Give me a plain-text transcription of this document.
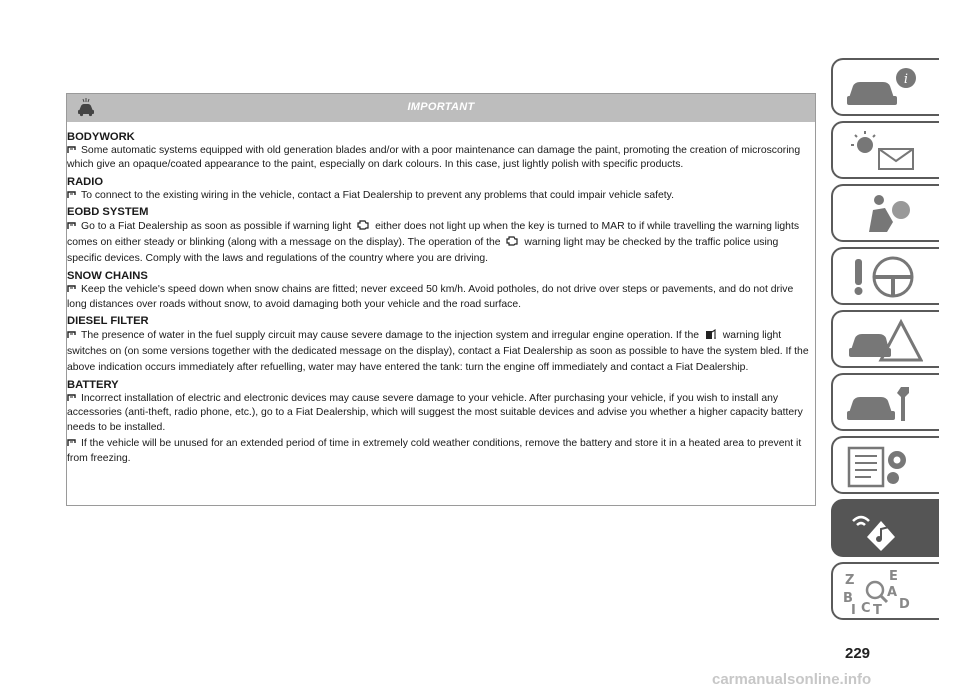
IMPORTANT
BODYWORK
Some automatic systems equipped with old generation blades and/or with a poor maintenance can damage the paint, promoting the creation of microscoring which give an opaque/coated appearance to the paint, especially on dark colours. In this case, just lightly polish with specific products.
RADIO
To connect to the existing wiring in the vehicle, contact a Fiat Dealership to prevent any problems that could impair vehicle safety.
EOBD SYSTEM
Go to a Fiat Dealership as soon as possible if warning light either does not light up when the key is turned to MAR to if while travelling the warning lights comes on either steady or blinking (along with a message on the display). The operation of the warning light may be checked by the traffic police using specific devices. Comply with the laws and regulations of the country where you are driving.
SNOW CHAINS
Keep the vehicle's speed down when snow chains are fitted; never exceed 50 km/h. Avoid potholes, do not drive over steps or pavements, and do not drive long distances over roads without snow, to avoid damaging both your vehicle and the road surface.
DIESEL FILTER
The presence of water in the fuel supply circuit may cause severe damage to the injection system and irregular engine operation. If the warning light switches on (on some versions together with the dedicated message on the display), contact a Fiat Dealership as soon as possible to have the system bled. If the above indication occurs immediately after refuelling, water may have entered the tank: turn the engine off immediately and contact a Fiat Dealership.
BATTERY
Incorrect installation of electric and electronic devices may cause severe damage to your vehicle. After purchasing your vehicle, if you wish to install any accessories (anti-theft, radio phone, etc.), go to a Fiat Dealership, which will suggest the most suitable devices and advise you whether a higher capacity battery needs to be installed.
If the vehicle will be unused for an extended period of time in extremely cold weather conditions, remove the battery and store it in a heated area to prevent it from freezing.
i
Z	E
A
B
C D
T
I
229
carmanualsonline.info
